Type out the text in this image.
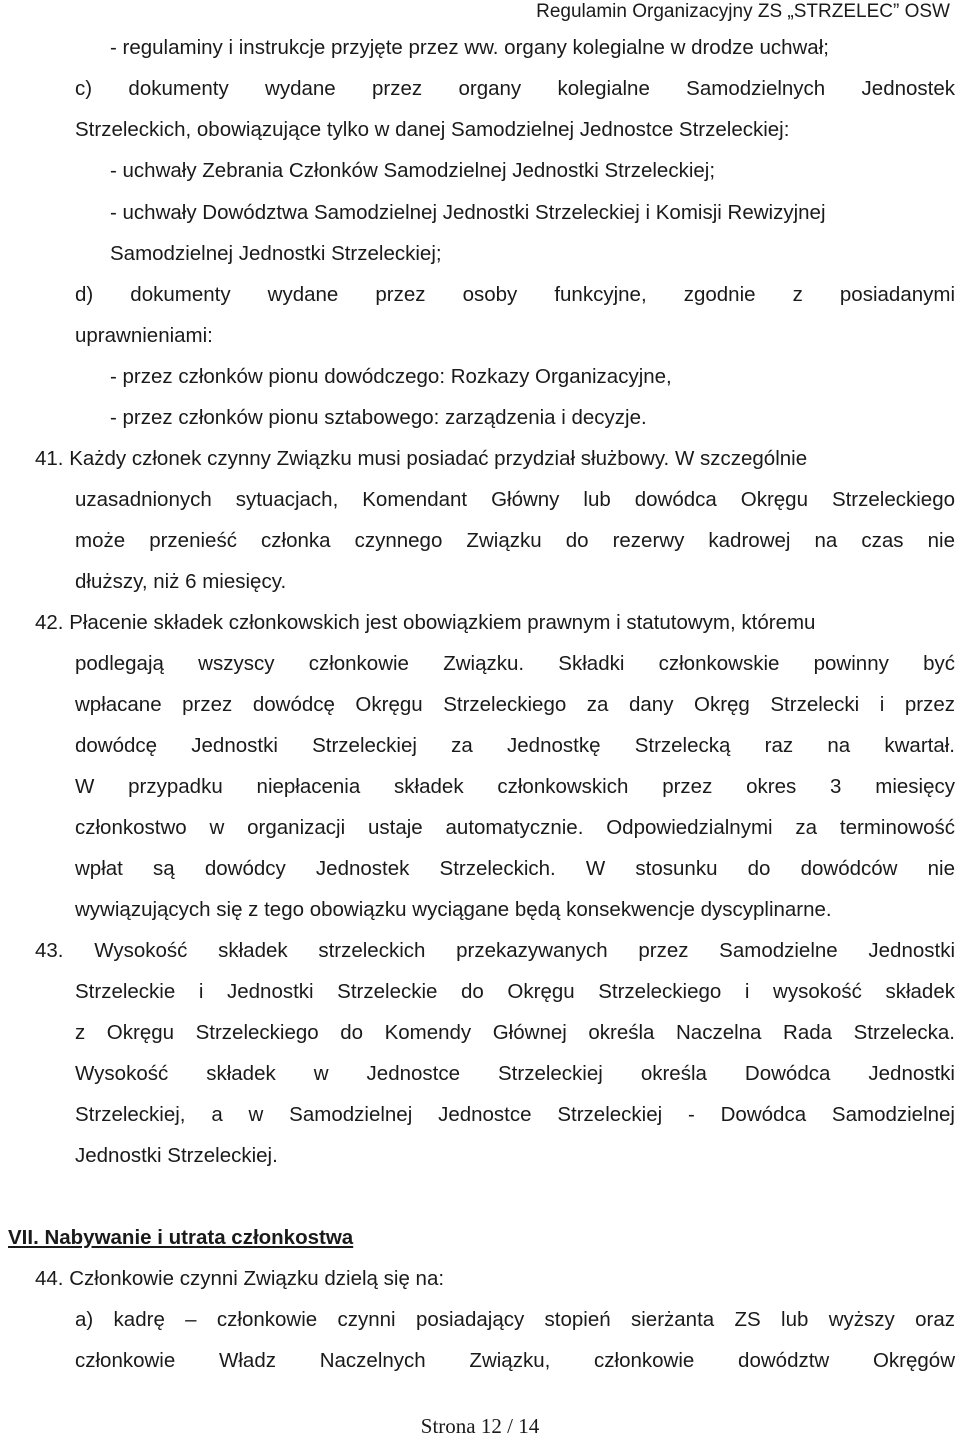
Regulamin Organizacyjny ZS „STRZELEC” OSW
- regulaminy i instrukcje przyjęte przez ww. organy kolegialne w drodze uchwał;
c) dokumenty wydane przez organy kolegialne Samodzielnych Jednostek
Strzeleckich, obowiązujące tylko w danej Samodzielnej Jednostce Strzeleckiej:
- uchwały Zebrania Członków Samodzielnej Jednostki Strzeleckiej;
- uchwały Dowództwa Samodzielnej Jednostki Strzeleckiej i Komisji Rewizyjnej
Samodzielnej Jednostki Strzeleckiej;
d) dokumenty wydane przez osoby funkcyjne, zgodnie z posiadanymi
uprawnieniami:
- przez członków pionu dowódczego: Rozkazy Organizacyjne,
- przez członków pionu sztabowego: zarządzenia i decyzje.
41. Każdy członek czynny Związku musi posiadać przydział służbowy. W szczególnie
uzasadnionych sytuacjach, Komendant Główny lub dowódca Okręgu Strzeleckiego
może przenieść członka czynnego Związku do rezerwy kadrowej na czas nie
dłuższy, niż 6 miesięcy.
42. Płacenie składek członkowskich jest obowiązkiem prawnym i statutowym, któremu
podlegają wszyscy członkowie Związku. Składki członkowskie powinny być
wpłacane przez dowódcę Okręgu Strzeleckiego za dany Okręg Strzelecki i przez
dowódcę Jednostki Strzeleckiej za Jednostkę Strzelecką raz na kwartał.
W przypadku niepłacenia składek członkowskich przez okres 3 miesięcy
członkostwo w organizacji ustaje automatycznie. Odpowiedzialnymi za terminowość
wpłat są dowódcy Jednostek Strzeleckich. W stosunku do dowódców nie
wywiązujących się z tego obowiązku wyciągane będą konsekwencje dyscyplinarne.
43. Wysokość składek strzeleckich przekazywanych przez Samodzielne Jednostki
Strzeleckie i Jednostki Strzeleckie do Okręgu Strzeleckiego i wysokość składek
z Okręgu Strzeleckiego do Komendy Głównej określa Naczelna Rada Strzelecka.
Wysokość składek w Jednostce Strzeleckiej określa Dowódca Jednostki
Strzeleckiej, a w Samodzielnej Jednostce Strzeleckiej - Dowódca Samodzielnej
Jednostki Strzeleckiej.
VII. Nabywanie i utrata członkostwa
44. Członkowie czynni Związku dzielą się na:
a) kadrę – członkowie czynni posiadający stopień sierżanta ZS lub wyższy oraz
członkowie Władz Naczelnych Związku, członkowie dowództw Okręgów
Strona 12 / 14
